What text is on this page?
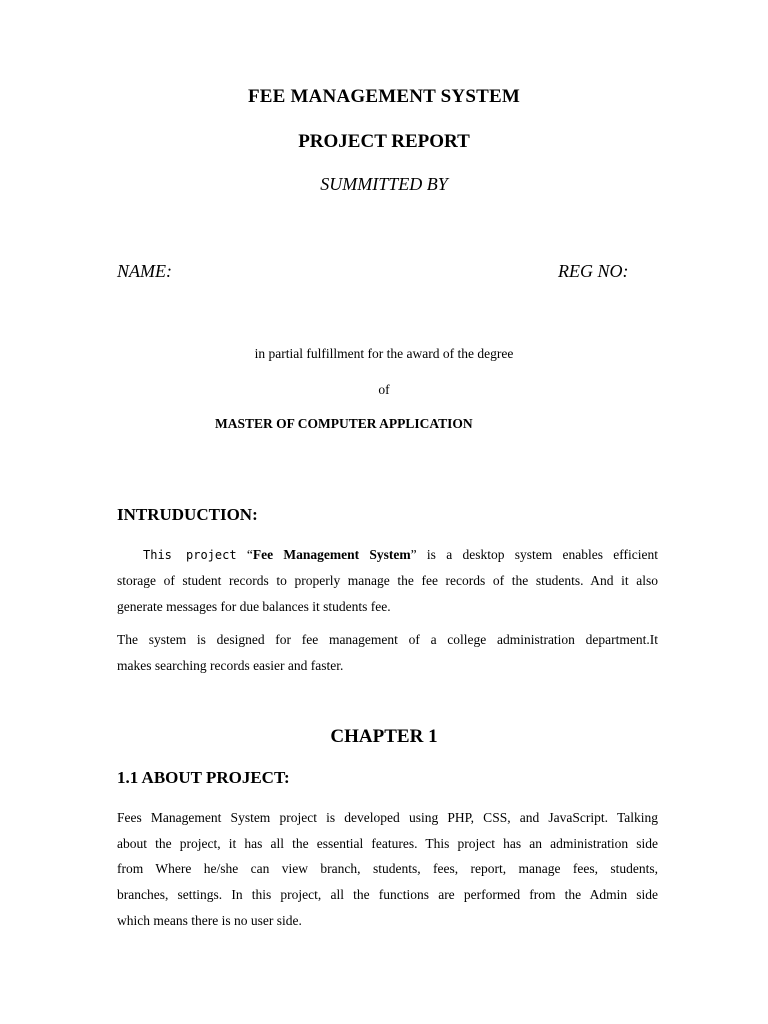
FEE MANAGEMENT SYSTEM
PROJECT REPORT
SUMMITTED BY
NAME:	REG NO:
in partial fulfillment for the award of the degree
of
MASTER OF COMPUTER APPLICATION
INTRUDUCTION:
This project “Fee Management System” is a desktop system enables efficient
storage of student records to properly manage the fee records of the students. And it also
generate messages for due balances it students fee.
The system is designed for fee management of a college administration department.It
makes searching records easier and faster.
CHAPTER 1
1.1 ABOUT PROJECT:
Fees Management System project is developed using PHP, CSS, and JavaScript. Talking
about the project, it has all the essential features. This project has an administration side
from Where he/she can view branch, students, fees, report, manage fees, students,
branches, settings. In this project, all the functions are performed from the Admin side
which means there is no user side.
